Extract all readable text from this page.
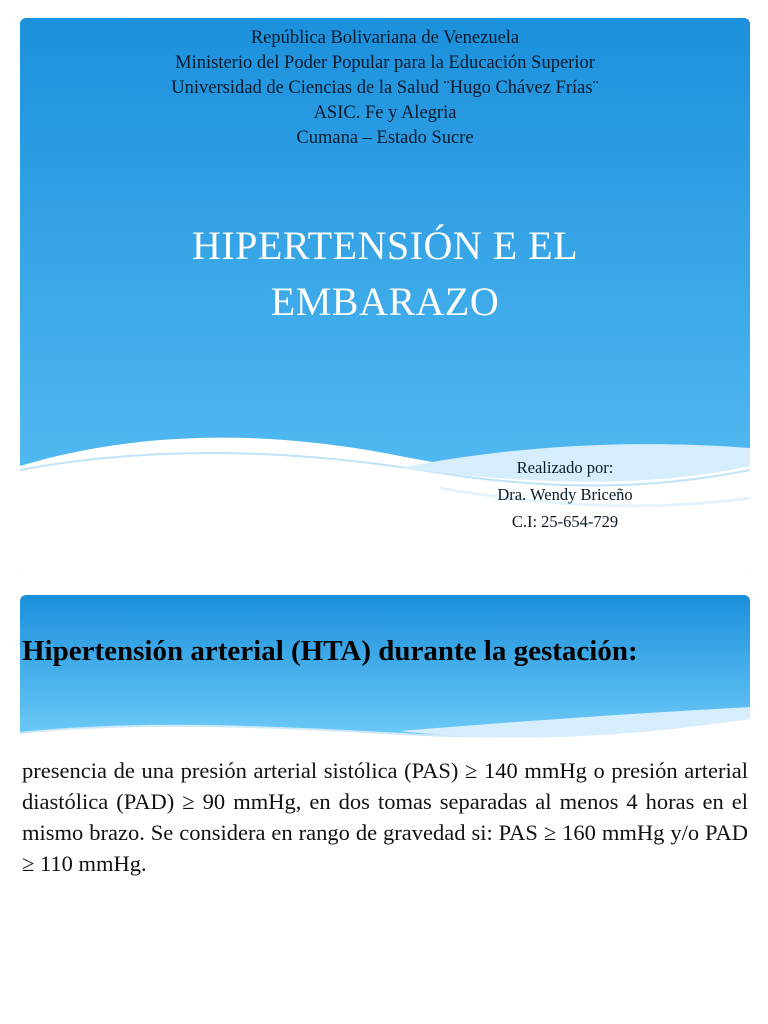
República Bolivariana de Venezuela
Ministerio del Poder Popular para la Educación Superior
Universidad de Ciencias de la Salud ¨Hugo Chávez Frías¨
ASIC. Fe y Alegria
Cumana – Estado Sucre
HIPERTENSIÓN E EL
EMBARAZO
Realizado por:
Dra. Wendy Briceño
C.I: 25-654-729
Hipertensión arterial (HTA) durante la gestación:
presencia de una presión arterial sistólica (PAS) ≥ 140 mmHg o presión arterial diastólica (PAD) ≥ 90 mmHg, en dos tomas separadas al menos 4 horas en el mismo brazo. Se considera en rango de gravedad si: PAS ≥ 160 mmHg y/o PAD ≥ 110 mmHg.
